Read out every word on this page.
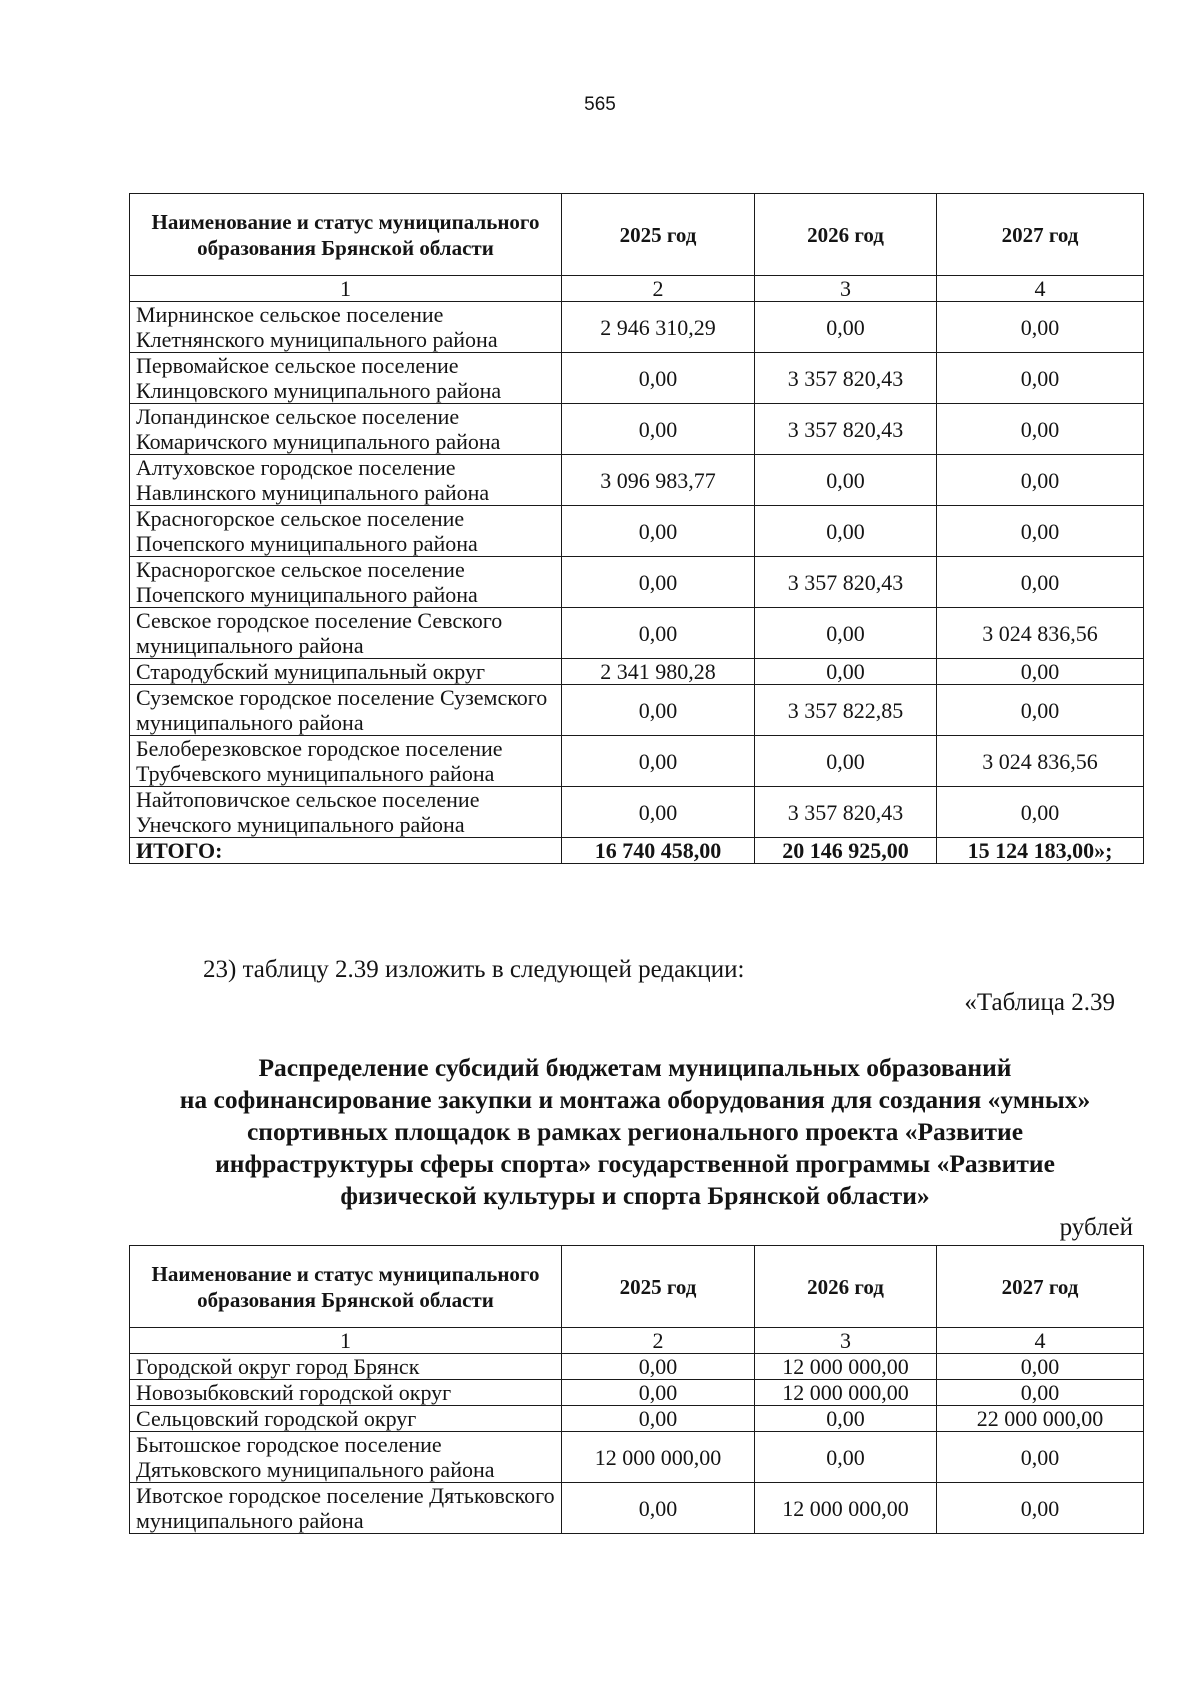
565
Наименование и статус муниципального образования Брянской области	2025 год	2026 год	2027 год
1	2	3	4
Мирнинское сельское поселение Клетнянского муниципального района	2 946 310,29	0,00	0,00
Первомайское сельское поселение Клинцовского муниципального района	0,00	3 357 820,43	0,00
Лопандинское сельское поселение Комаричского муниципального района	0,00	3 357 820,43	0,00
Алтуховское городское поселение Навлинского муниципального района	3 096 983,77	0,00	0,00
Красногорское сельское поселение Почепского муниципального района	0,00	0,00	0,00
Краснорогское сельское поселение Почепского муниципального района	0,00	3 357 820,43	0,00
Севское городское поселение Севского муниципального района	0,00	0,00	3 024 836,56
Стародубский муниципальный округ	2 341 980,28	0,00	0,00
Суземское городское поселение Суземского муниципального района	0,00	3 357 822,85	0,00
Белоберезковское городское поселение Трубчевского муниципального района	0,00	0,00	3 024 836,56
Найтоповичское сельское поселение Унечского муниципального района	0,00	3 357 820,43	0,00
ИТОГО:	16 740 458,00	20 146 925,00	15 124 183,00»;
23) таблицу 2.39 изложить в следующей редакции:
«Таблица 2.39
Распределение субсидий бюджетам муниципальных образований
на софинансирование закупки и монтажа оборудования для создания «умных»
спортивных площадок в рамках регионального проекта «Развитие
инфраструктуры сферы спорта» государственной программы «Развитие
физической культуры и спорта Брянской области»
рублей
Наименование и статус муниципального образования Брянской области	2025 год	2026 год	2027 год
1	2	3	4
Городской округ город Брянск	0,00	12 000 000,00	0,00
Новозыбковский городской округ	0,00	12 000 000,00	0,00
Сельцовский городской округ	0,00	0,00	22 000 000,00
Бытошское городское поселение Дятьковского муниципального района	12 000 000,00	0,00	0,00
Ивотское городское поселение Дятьковского муниципального района	0,00	12 000 000,00	0,00
